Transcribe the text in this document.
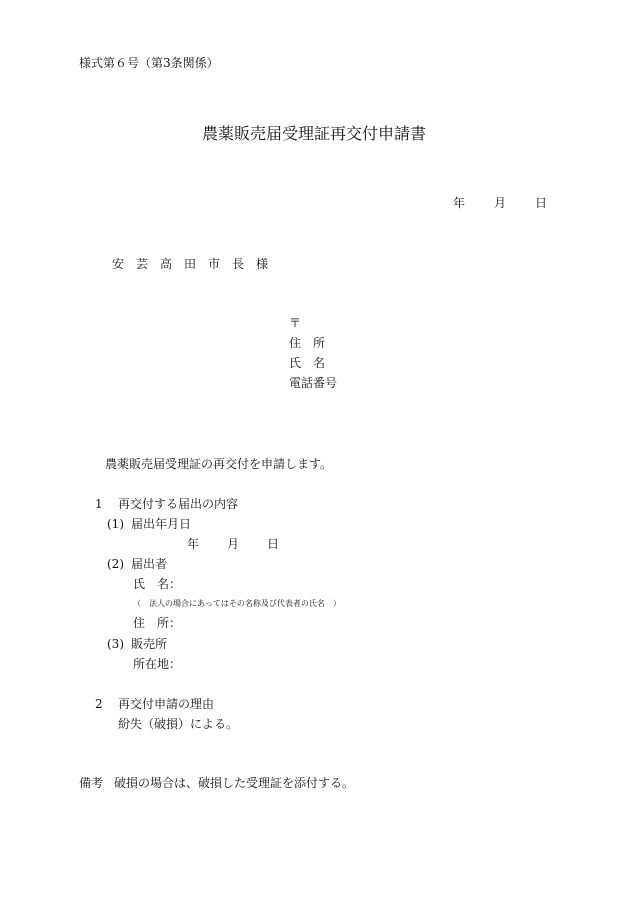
様式第６号（第3条関係）
農薬販売届受理証再交付申請書
年 月 日
安　芸　高　田　市　長　様
〒
住　所
氏　名
電話番号
農薬販売届受理証の再交付を申請します。
1 再交付する届出の内容
(1) 届出年月日
年 月 日
(2) 届出者
氏　名：
（　法人の場合にあってはその名称及び代表者の氏名　）
住　所：
(3) 販売所
所在地：
2 再交付申請の理由
紛失（破損）による。
備考 破損の場合は、破損した受理証を添付する。
